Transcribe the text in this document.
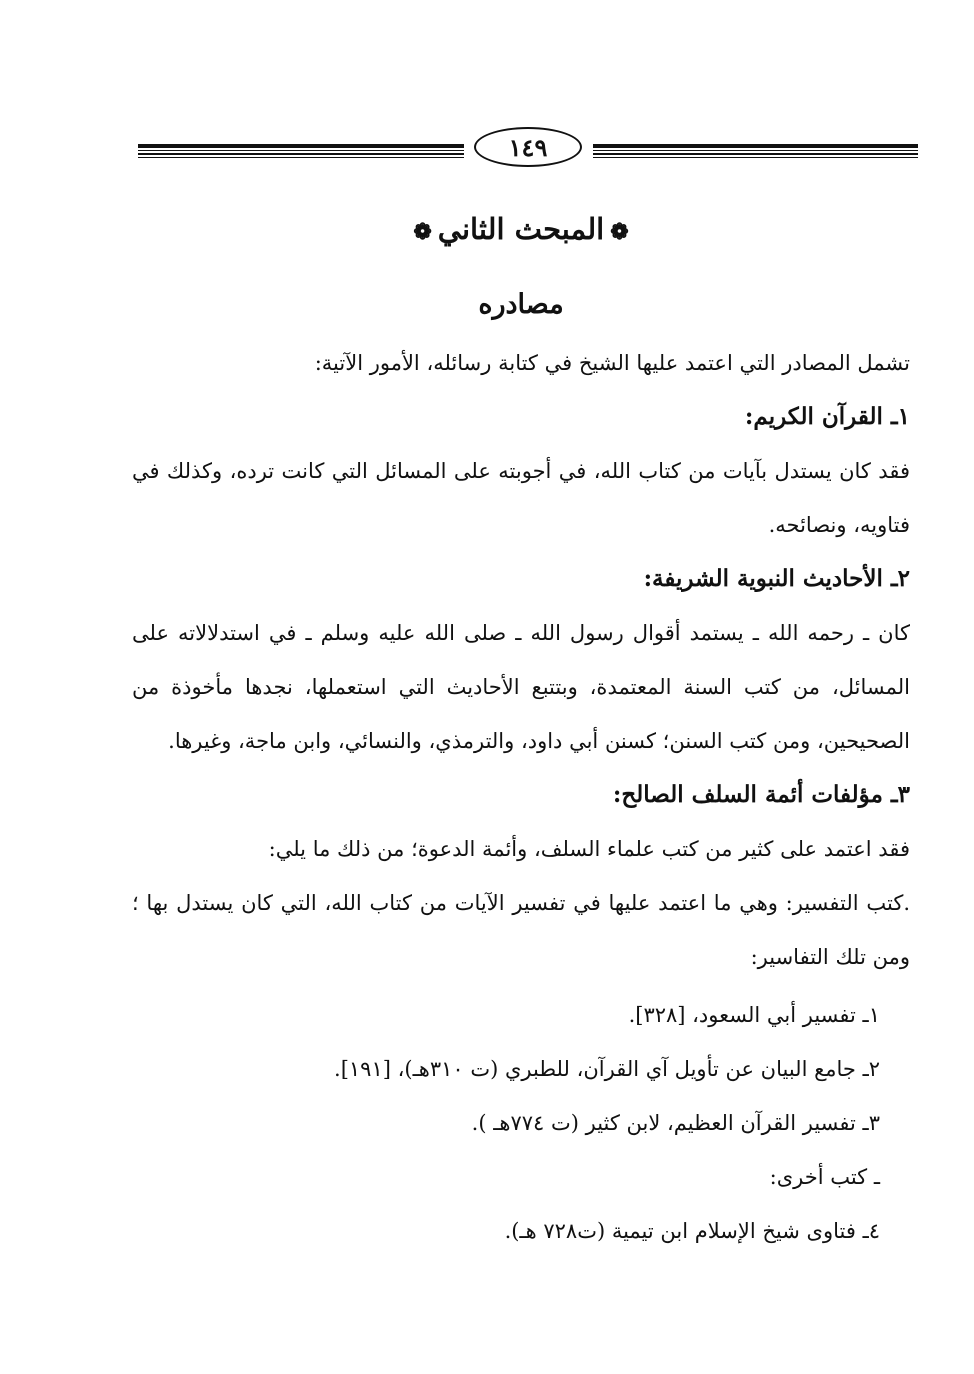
١٤٩
❁المبحث الثاني❁
مصادره
تشمل المصادر التي اعتمد عليها الشيخ في كتابة رسائله، الأمور الآتية:
١ـ القرآن الكريم:
فقد كان يستدل بآيات من كتاب الله، في أجوبته على المسائل التي كانت ترده، وكذلك في فتاويه، ونصائحه.
٢ـ الأحاديث النبوية الشريفة:
كان ـ رحمه الله ـ يستمد أقوال رسول الله ـ صلى الله عليه وسلم ـ في استدلالاته على المسائل، من كتب السنة المعتمدة، وبتتبع الأحاديث التي استعملها، نجدها مأخوذة من الصحيحين، ومن كتب السنن؛ كسنن أبي داود، والترمذي، والنسائي، وابن ماجة، وغيرها.
٣ـ مؤلفات أئمة السلف الصالح:
فقد اعتمد على كثير من كتب علماء السلف، وأئمة الدعوة؛ من ذلك ما يلي:
.كتب التفسير: وهي ما اعتمد عليها في تفسير الآيات من كتاب الله، التي كان يستدل بها ؛ ومن تلك التفاسير:
١ـ تفسير أبي السعود، [٣٢٨].
٢ـ جامع البيان عن تأويل آي القرآن، للطبري (ت ٣١٠هـ)، [١٩١].
٣ـ تفسير القرآن العظيم، لابن كثير (ت ٧٧٤هـ ).
ـ كتب أخرى:
٤ـ فتاوى شيخ الإسلام ابن تيمية (ت٧٢٨ هـ).
